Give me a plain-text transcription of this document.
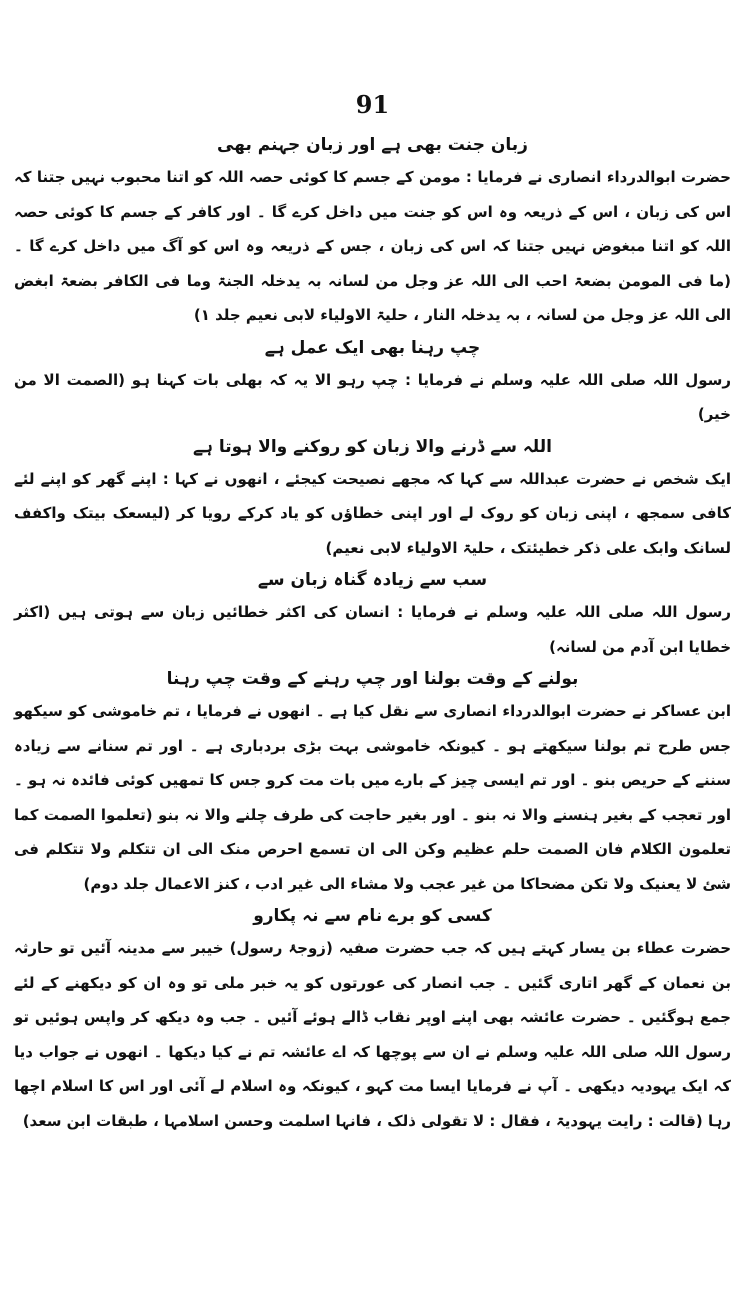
91
زبان جنت بھی ہے اور زبان جہنم بھی

حضرت ابوالدرداء انصاری نے فرمایا : مومن کے جسم کا کوئی حصہ اللہ کو اتنا محبوب نہیں جتنا کہ اس کی زبان ، اس کے ذریعہ وہ اس کو جنت میں داخل کرے گا ۔ اور کافر کے جسم کا کوئی حصہ اللہ کو اتنا مبغوض نہیں جتنا کہ اس کی زبان ، جس کے ذریعہ وہ اس کو آگ میں داخل کرے گا ۔ (ما فی المومن بضعۃ احب الی اللہ عز وجل من لسانہ بہ یدخلہ الجنۃ وما فی الکافر بضعۃ ابغض الی اللہ عز وجل من لسانہ ، بہ یدخلہ النار ، حلیۃ الاولیاء لابی نعیم جلد ۱)

چپ رہنا بھی ایک عمل ہے

رسول اللہ صلی اللہ علیہ وسلم نے فرمایا : چپ رہو الا یہ کہ بھلی بات کہنا ہو (الصمت الا من خیر)

اللہ سے ڈرنے والا زبان کو روکنے والا ہوتا ہے

ایک شخص نے حضرت عبداللہ سے کہا کہ مجھے نصیحت کیجئے ، انھوں نے کہا : اپنے گھر کو اپنے لئے کافی سمجھ ، اپنی زبان کو روک لے اور اپنی خطاؤں کو یاد کرکے رویا کر (لیسعک بیتک واکفف لسانک وابک علی ذکر خطیئتک ، حلیۃ الاولیاء لابی نعیم)

سب سے زیادہ گناہ زبان سے

رسول اللہ صلی اللہ علیہ وسلم نے فرمایا : انسان کی اکثر خطائیں زبان سے ہوتی ہیں (اکثر خطایا ابن آدم من لسانہ)

بولنے کے وقت بولنا اور چپ رہنے کے وقت چپ رہنا

ابن عساکر نے حضرت ابوالدرداء انصاری سے نقل کیا ہے ۔ انھوں نے فرمایا ، تم خاموشی کو سیکھو جس طرح تم بولنا سیکھتے ہو ۔ کیونکہ خاموشی بہت بڑی بردباری ہے ۔ اور تم سنانے سے زیادہ سننے کے حریص بنو ۔ اور تم ایسی چیز کے بارے میں بات مت کرو جس کا تمھیں کوئی فائدہ نہ ہو ۔ اور تعجب کے بغیر ہنسنے والا نہ بنو ۔ اور بغیر حاجت کی طرف چلنے والا نہ بنو (تعلموا الصمت کما تعلمون الکلام فان الصمت حلم عظیم وکن الی ان تسمع احرص منک الی ان تتکلم ولا تتکلم فی شئ لا یعنیک ولا تکن مضحاکا من غیر عجب ولا مشاء الی غیر ادب ، کنز الاعمال جلد دوم)

کسی کو برے نام سے نہ پکارو

حضرت عطاء بن یسار کہتے ہیں کہ جب حضرت صفیہ (زوجۂ رسول) خیبر سے مدینہ آئیں تو حارثہ بن نعمان کے گھر اتاری گئیں ۔ جب انصار کی عورتوں کو یہ خبر ملی تو وہ ان کو دیکھنے کے لئے جمع ہوگئیں ۔ حضرت عائشہ بھی اپنے اوپر نقاب ڈالے ہوئے آئیں ۔ جب وہ دیکھ کر واپس ہوئیں تو رسول اللہ صلی اللہ علیہ وسلم نے ان سے پوچھا کہ اے عائشہ تم نے کیا دیکھا ۔ انھوں نے جواب دیا کہ ایک یہودیہ دیکھی ۔ آپ نے فرمایا ایسا مت کہو ، کیونکہ وہ اسلام لے آئی اور اس کا اسلام اچھا رہا (قالت : رایت یہودیۃ ، فقال : لا تقولی ذلک ، فانہا اسلمت وحسن اسلامہا ، طبقات ابن سعد)
